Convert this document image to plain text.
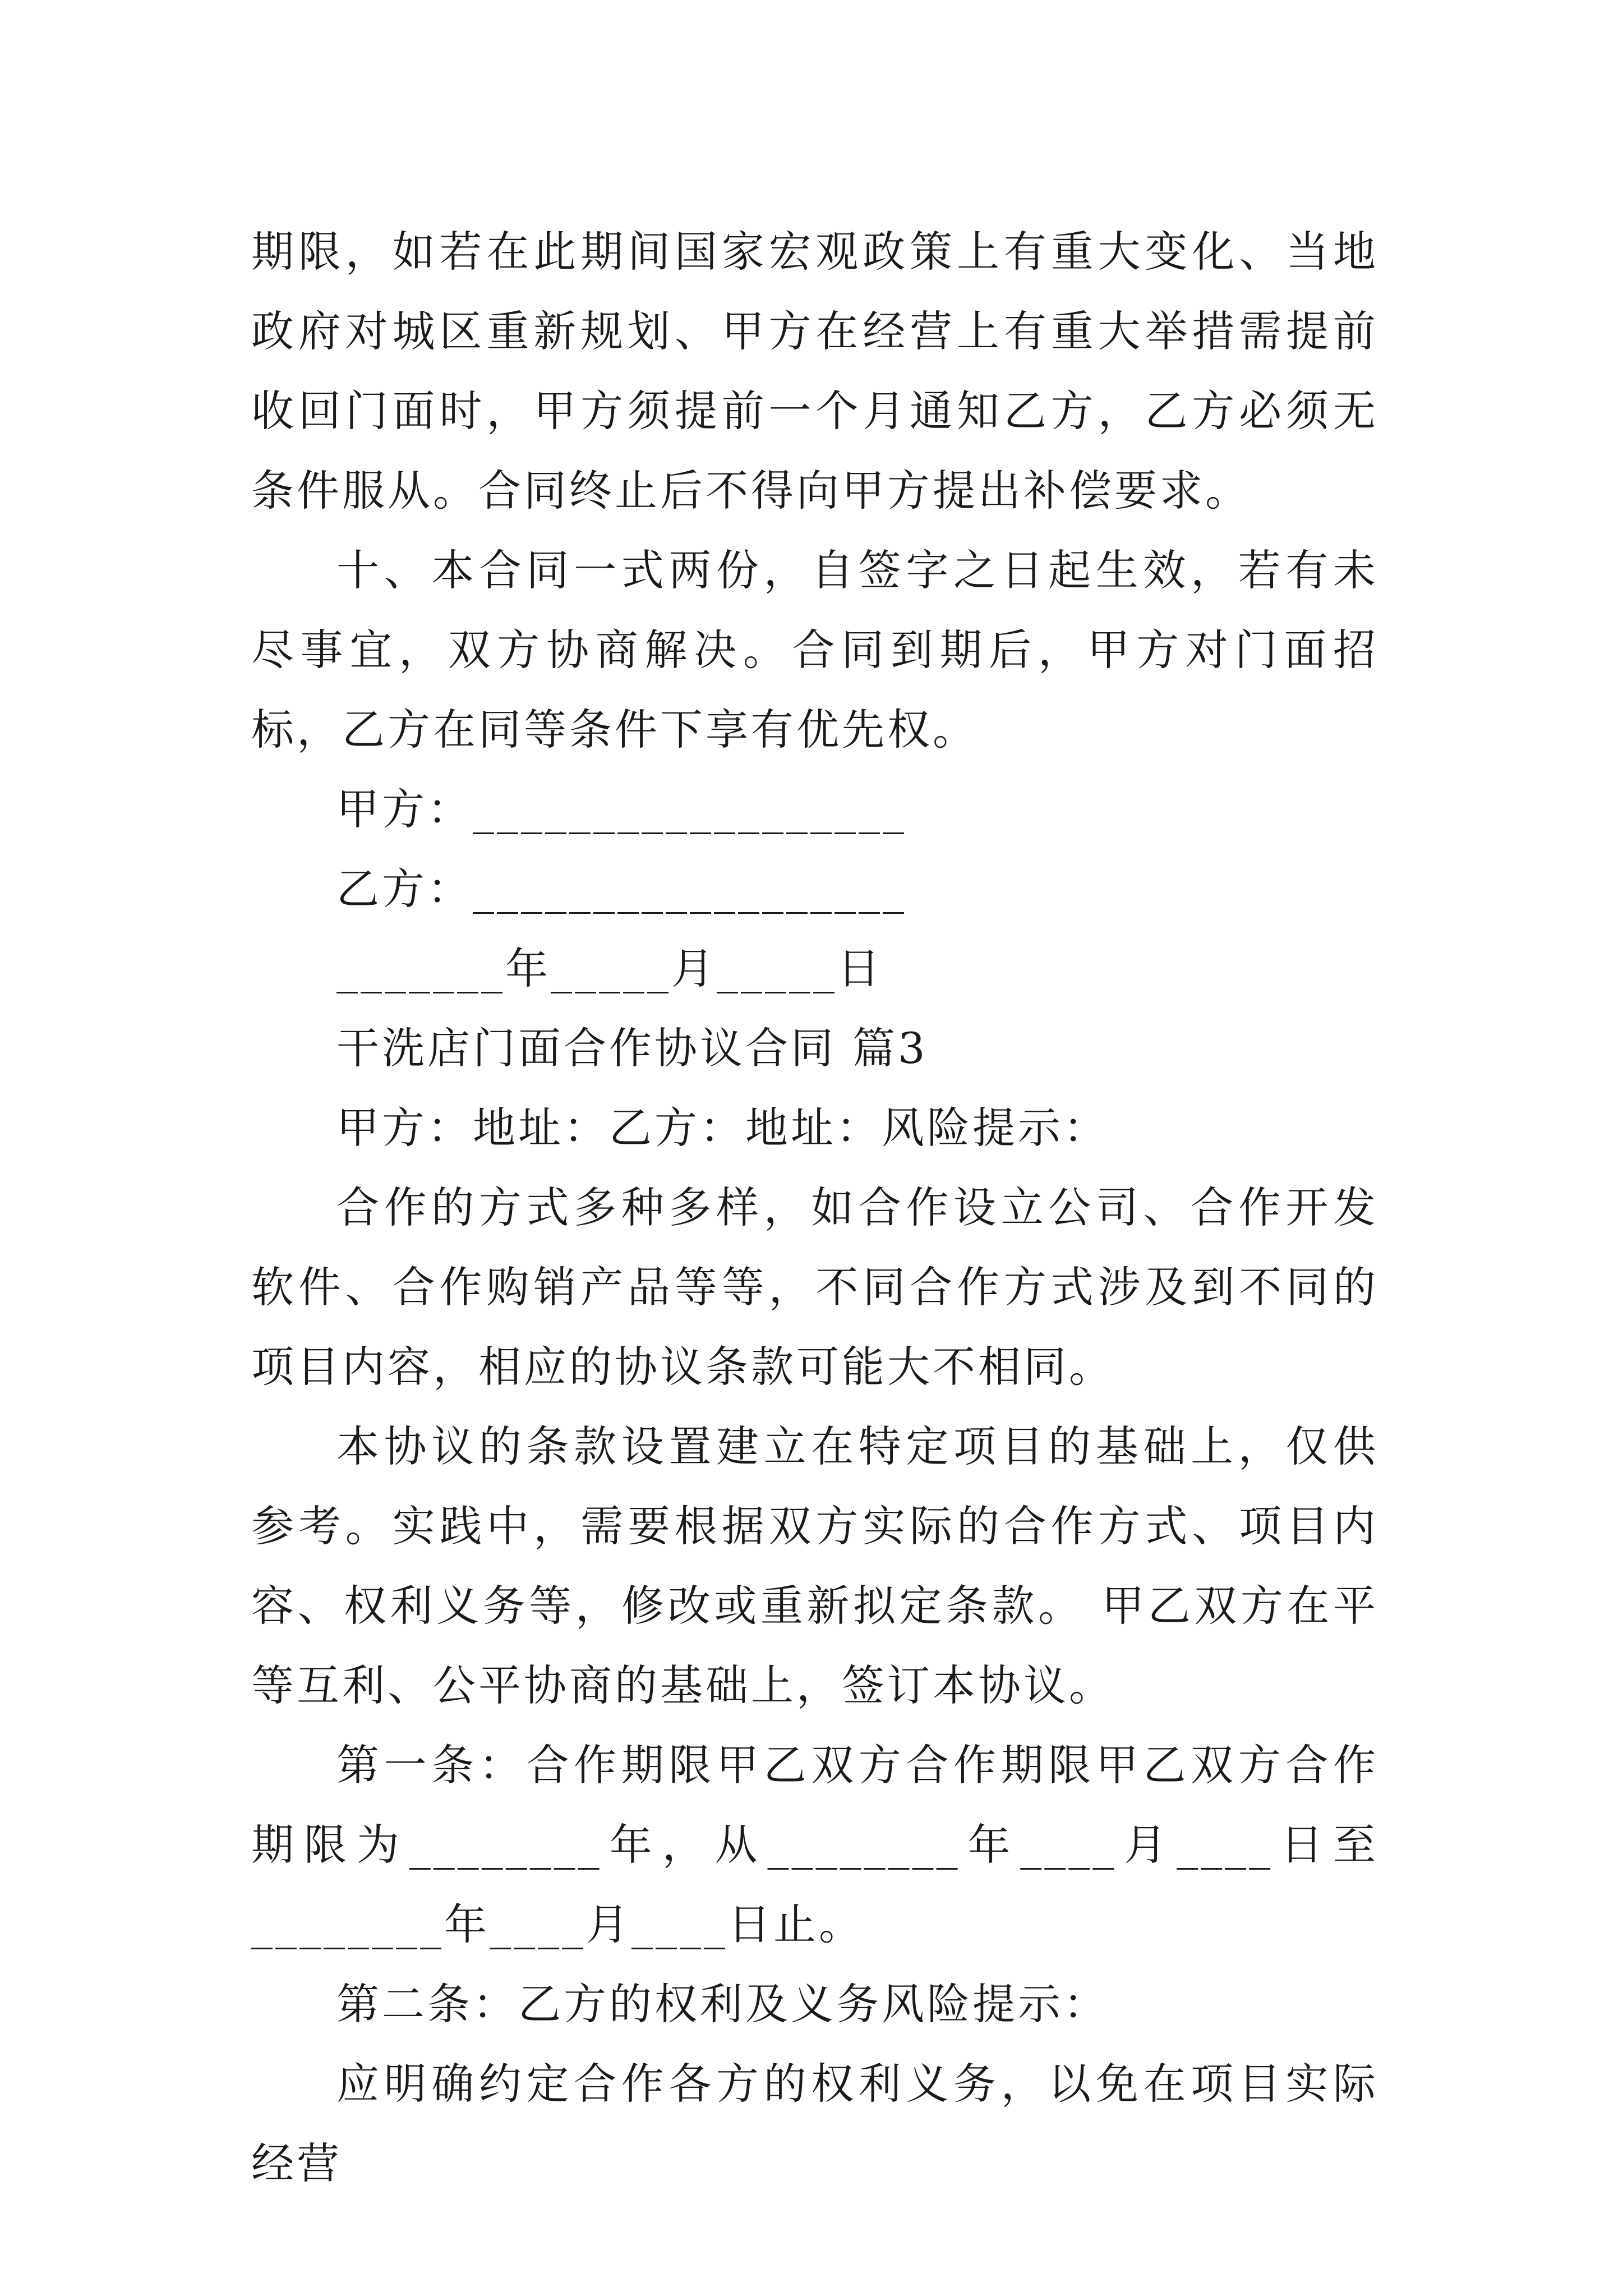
期限，如若在此期间国家宏观政策上有重大变化、当地政府对城区重新规划、甲方在经营上有重大举措需提前收回门面时，甲方须提前一个月通知乙方，乙方必须无条件服从。合同终止后不得向甲方提出补偿要求。

十、本合同一式两份，自签字之日起生效，若有未尽事宜，双方协商解决。合同到期后，甲方对门面招标，乙方在同等条件下享有优先权。

甲方：__________________

乙方：__________________

_______年_____月_____日

干洗店门面合作协议合同 篇3

甲方：地址：乙方：地址：风险提示：

合作的方式多种多样，如合作设立公司、合作开发软件、合作购销产品等等，不同合作方式涉及到不同的项目内容，相应的协议条款可能大不相同。

本协议的条款设置建立在特定项目的基础上，仅供参考。实践中，需要根据双方实际的合作方式、项目内容、权利义务等，修改或重新拟定条款。 甲乙双方在平等互利、公平协商的基础上，签订本协议。

第一条：合作期限甲乙双方合作期限甲乙双方合作期限为________年，从________年____月____日至________年____月____日止。

第二条：乙方的权利及义务风险提示：

应明确约定合作各方的权利义务，以免在项目实际经营
